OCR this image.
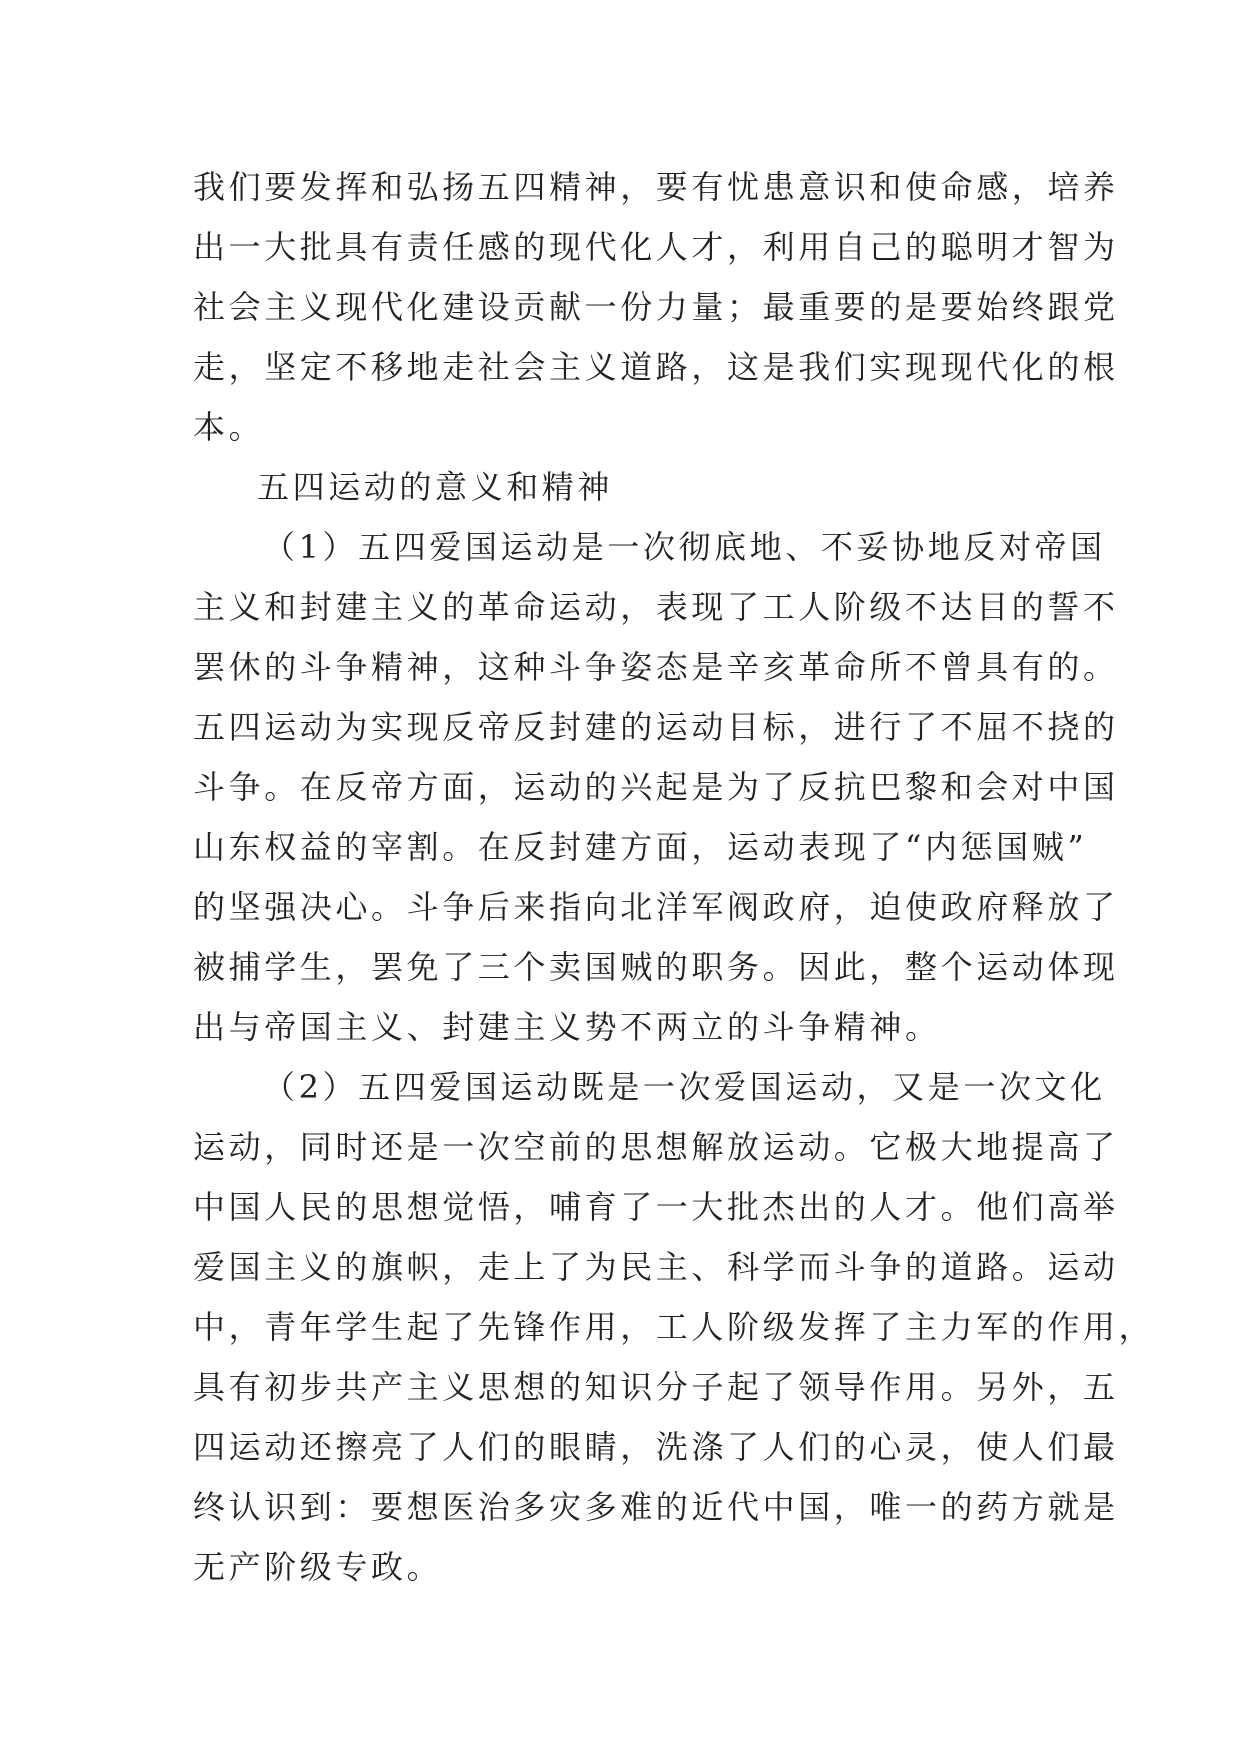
我们要发挥和弘扬五四精神，要有忧患意识和使命感，培养
出一大批具有责任感的现代化人才，利用自己的聪明才智为
社会主义现代化建设贡献一份力量；最重要的是要始终跟党
走，坚定不移地走社会主义道路，这是我们实现现代化的根
本。
五四运动的意义和精神
（1）五四爱国运动是一次彻底地、不妥协地反对帝国
主义和封建主义的革命运动，表现了工人阶级不达目的誓不
罢休的斗争精神，这种斗争姿态是辛亥革命所不曾具有的。
五四运动为实现反帝反封建的运动目标，进行了不屈不挠的
斗争。在反帝方面，运动的兴起是为了反抗巴黎和会对中国
山东权益的宰割。在反封建方面，运动表现了“内惩国贼”
的坚强决心。斗争后来指向北洋军阀政府，迫使政府释放了
被捕学生，罢免了三个卖国贼的职务。因此，整个运动体现
出与帝国主义、封建主义势不两立的斗争精神。
（2）五四爱国运动既是一次爱国运动，又是一次文化
运动，同时还是一次空前的思想解放运动。它极大地提高了
中国人民的思想觉悟，哺育了一大批杰出的人才。他们高举
爱国主义的旗帜，走上了为民主、科学而斗争的道路。运动
中，青年学生起了先锋作用，工人阶级发挥了主力军的作用，
具有初步共产主义思想的知识分子起了领导作用。另外，五
四运动还擦亮了人们的眼睛，洗涤了人们的心灵，使人们最
终认识到：要想医治多灾多难的近代中国，唯一的药方就是
无产阶级专政。
